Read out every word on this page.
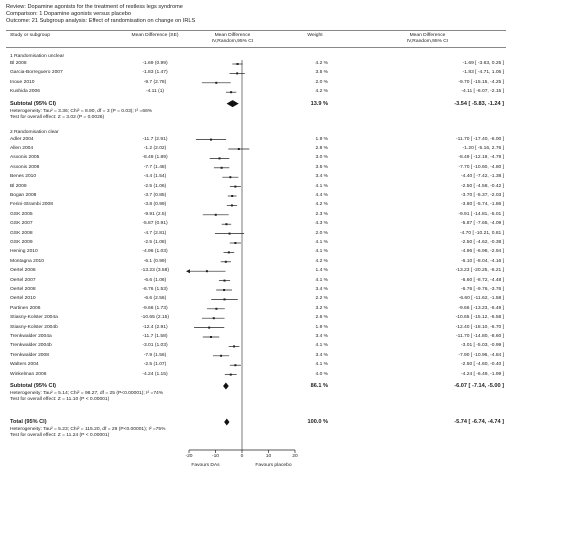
Review: Dopamine agonists for the treatment of restless legs syndrome
Comparison: 1 Dopamine agonists versus placebo
Outcome: 21 Subgroup analysis: Effect of randomisation on change on IRLS
Study or subgroup	Mean Difference (SE)	Mean Difference
IV,Random,95% CI
Weight	Mean Difference
IV,Random,95% CI
1 Randomisation unclear
Bl 2008	-1.69 (0.99)	4.2 %	-1.69 [ -3.63, 0.25 ]
Garcia-Borreguero 2007	-1.83 (1.47)	3.5 %	-1.83 [ -4.71, 1.05 ]
Inoue 2010	-9.7 (2.78)	2.0 %	-9.70 [ -15.15, -4.25 ]
Kushida 2006	-4.11 (1)	4.2 %	-4.11 [ -6.07, -2.15 ]
Subtotal (95% CI)	13.9 %	-3.54 [ -5.83, -1.24 ]
Heterogeneity: Tau² = 3.36; Chi² = 8.90, df = 3 (P = 0.03); I² =66%
Test for overall effect: Z = 3.02 (P = 0.0026)
2 Randomisation clear
Adler 2004	-11.7 (2.91)	1.9 %	-11.70 [ -17.40, -6.00 ]
Allen 2004	-1.2 (2.02)	2.8 %	-1.20 [ -5.16, 2.76 ]
Asxonis 2005	-8.49 (1.89)	3.0 %	-8.49 [ -12.19, -4.79 ]
Asxonis 2008	-7.7 (1.48)	3.5 %	-7.70 [ -10.60, -4.80 ]
Benes 2010	-4.4 (1.54)	3.4 %	-4.40 [ -7.42, -1.38 ]
Bl 2009	-2.5 (1.06)	4.1 %	-2.50 [ -4.58, -0.42 ]
Bogan 2008	-3.7 (0.85)	4.4 %	-3.70 [ -5.37, -2.03 ]
Ferini-Strambi 2008	-3.8 (0.99)	4.2 %	-3.80 [ -5.74, -1.86 ]
GSK 2005	-9.91 (2.5)	2.3 %	-9.91 [ -14.81, -5.01 ]
GSK 2007	-5.87 (0.91)	4.3 %	-5.87 [ -7.65, -4.09 ]
GSK 2008	-4.7 (2.81)	2.0 %	-4.70 [ -10.21, 0.81 ]
GSK 2009	-2.5 (1.08)	4.1 %	-2.50 [ -4.62, -0.38 ]
Hening 2010	-4.96 (1.03)	4.1 %	-4.96 [ -6.98, -2.94 ]
Montagna 2010	-6.1 (0.99)	4.2 %	-6.10 [ -8.04, -4.16 ]
Oertel 2006	-13.23 (3.58)	1.4 %	-13.23 [ -20.25, -6.21 ]
Oertel 2007	-6.6 (1.06)	4.1 %	-6.60 [ -8.72, -4.48 ]
Oertel 2008	-6.76 (1.53)	3.4 %	-6.76 [ -9.76, -3.76 ]
Oertel 2010	-6.6 (2.56)	2.2 %	-6.60 [ -11.62, -1.58 ]
Partinen 2006	-9.66 (1.73)	3.2 %	-9.66 [ -13.23, -6.49 ]
Stiasny-Kolster 2004a	-10.65 (2.15)	2.6 %	-10.65 [ -15.12, -6.58 ]
Stiasny-Kolster 2004b	-12.4 (2.91)	1.9 %	-12.40 [ -18.10, -6.70 ]
Trenkwalder 2004a	-11.7 (1.58)	3.4 %	-11.70 [ -14.80, -8.60 ]
Trenkwalder 2004b	-3.01 (1.03)	4.1 %	-3.01 [ -5.03, -0.99 ]
Trenkwalder 2008	-7.9 (1.56)	3.4 %	-7.90 [ -10.96, -4.84 ]
Walters 2004	-2.5 (1.07)	4.1 %	-2.50 [ -4.60, -0.40 ]
Winkelman 2006	-4.24 (1.15)	4.0 %	-4.24 [ -6.49, -1.99 ]
Subtotal (95% CI)	86.1 %	-6.07 [ -7.14, -5.00 ]
Heterogeneity: Tau² = 5.14; Chi² = 98.27, df = 25 (P<0.00001); I² =74%
Test for overall effect: Z = 11.10 (P < 0.00001)
Total (95% CI)	100.0 %	-5.74 [ -6.74, -4.74 ]
Heterogeneity: Tau² = 5.23; Chi² = 115.20, df = 29 (P<0.00001); I² =75%
Test for overall effect: Z = 11.24 (P < 0.00001)
-20	-10	0	10	20
Favours DAs	Favours placebo
